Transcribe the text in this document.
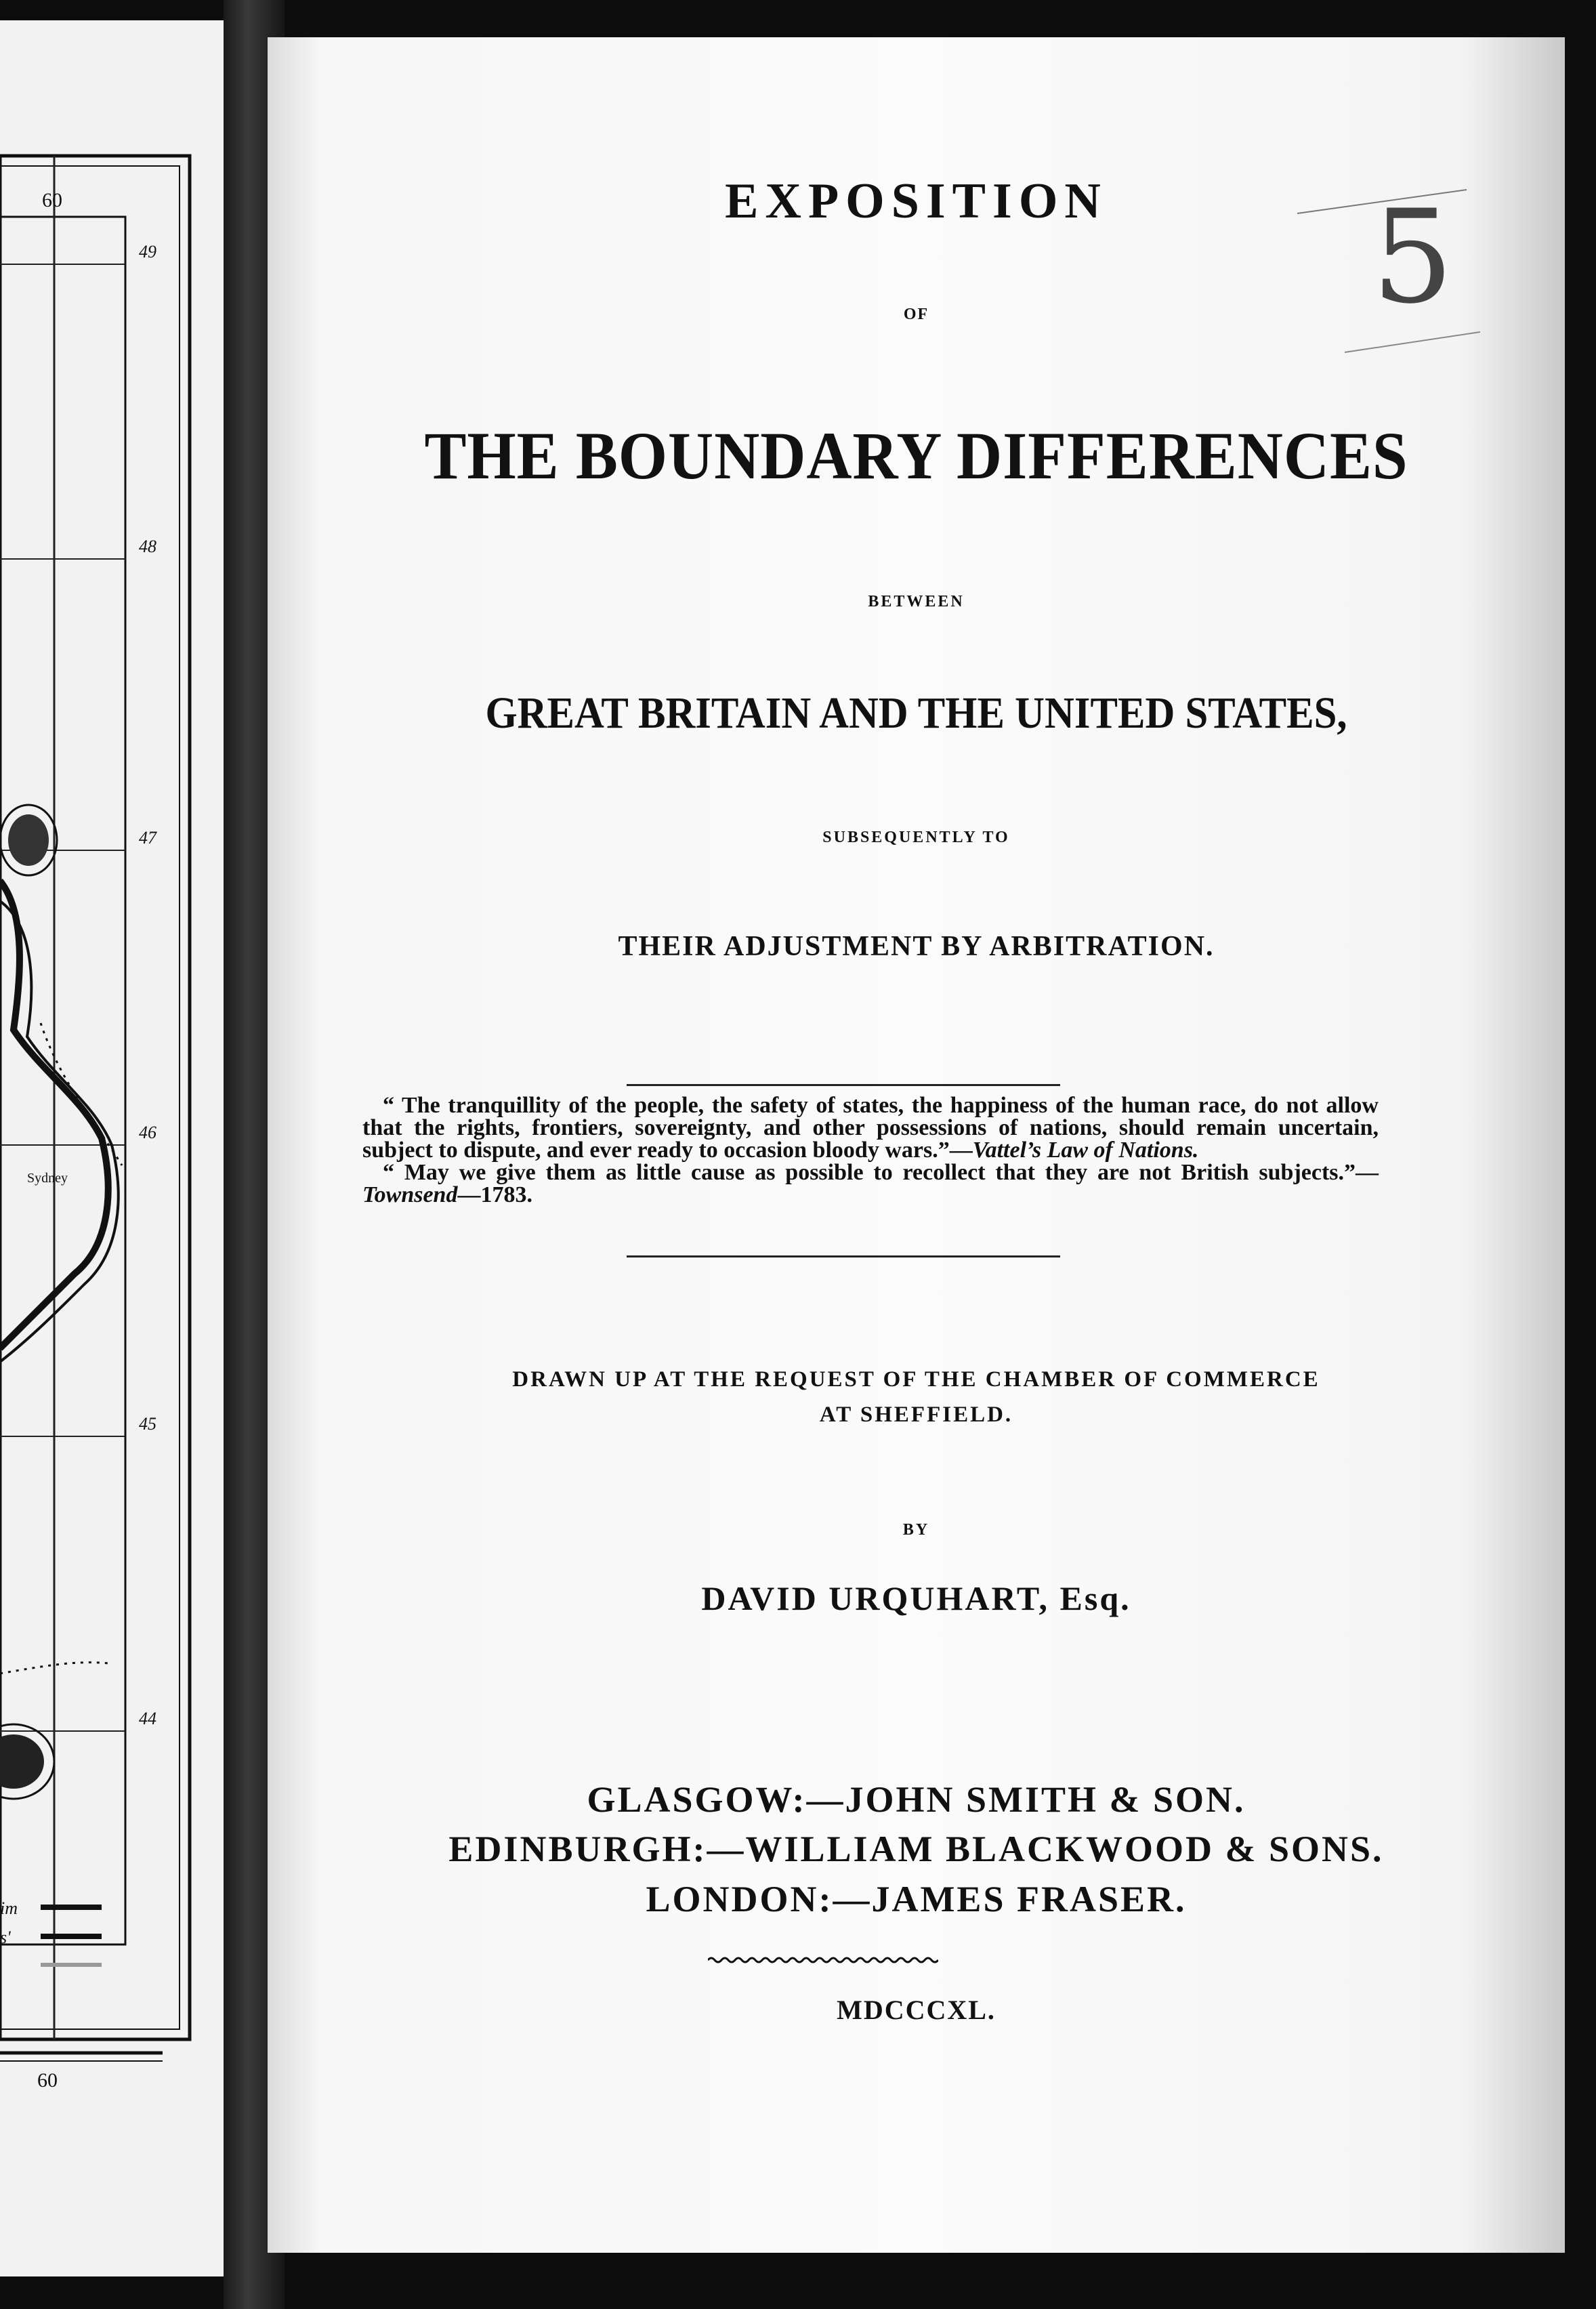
60
60
49
48
47
46
45
44
Sydney
im
s'
5

EXPOSITION

OF

THE BOUNDARY DIFFERENCES

BETWEEN

GREAT BRITAIN AND THE UNITED STATES,

SUBSEQUENTLY TO

THEIR ADJUSTMENT BY ARBITRATION.

“ The tranquillity of the people, the safety of states, the happiness of the human race, do not allow that the rights, frontiers, sovereignty, and other possessions of nations, should remain uncertain, subject to dispute, and ever ready to occasion bloody wars.”—Vattel’s Law of Nations.

“ May we give them as little cause as possible to recollect that they are not British subjects.”—Townsend—1783.

DRAWN UP AT THE REQUEST OF THE CHAMBER OF COMMERCE
AT SHEFFIELD.

BY

DAVID URQUHART, Esq.

GLASGOW:—JOHN SMITH & SON.

EDINBURGH:—WILLIAM BLACKWOOD & SONS.

LONDON:—JAMES FRASER.

MDCCCXL.
